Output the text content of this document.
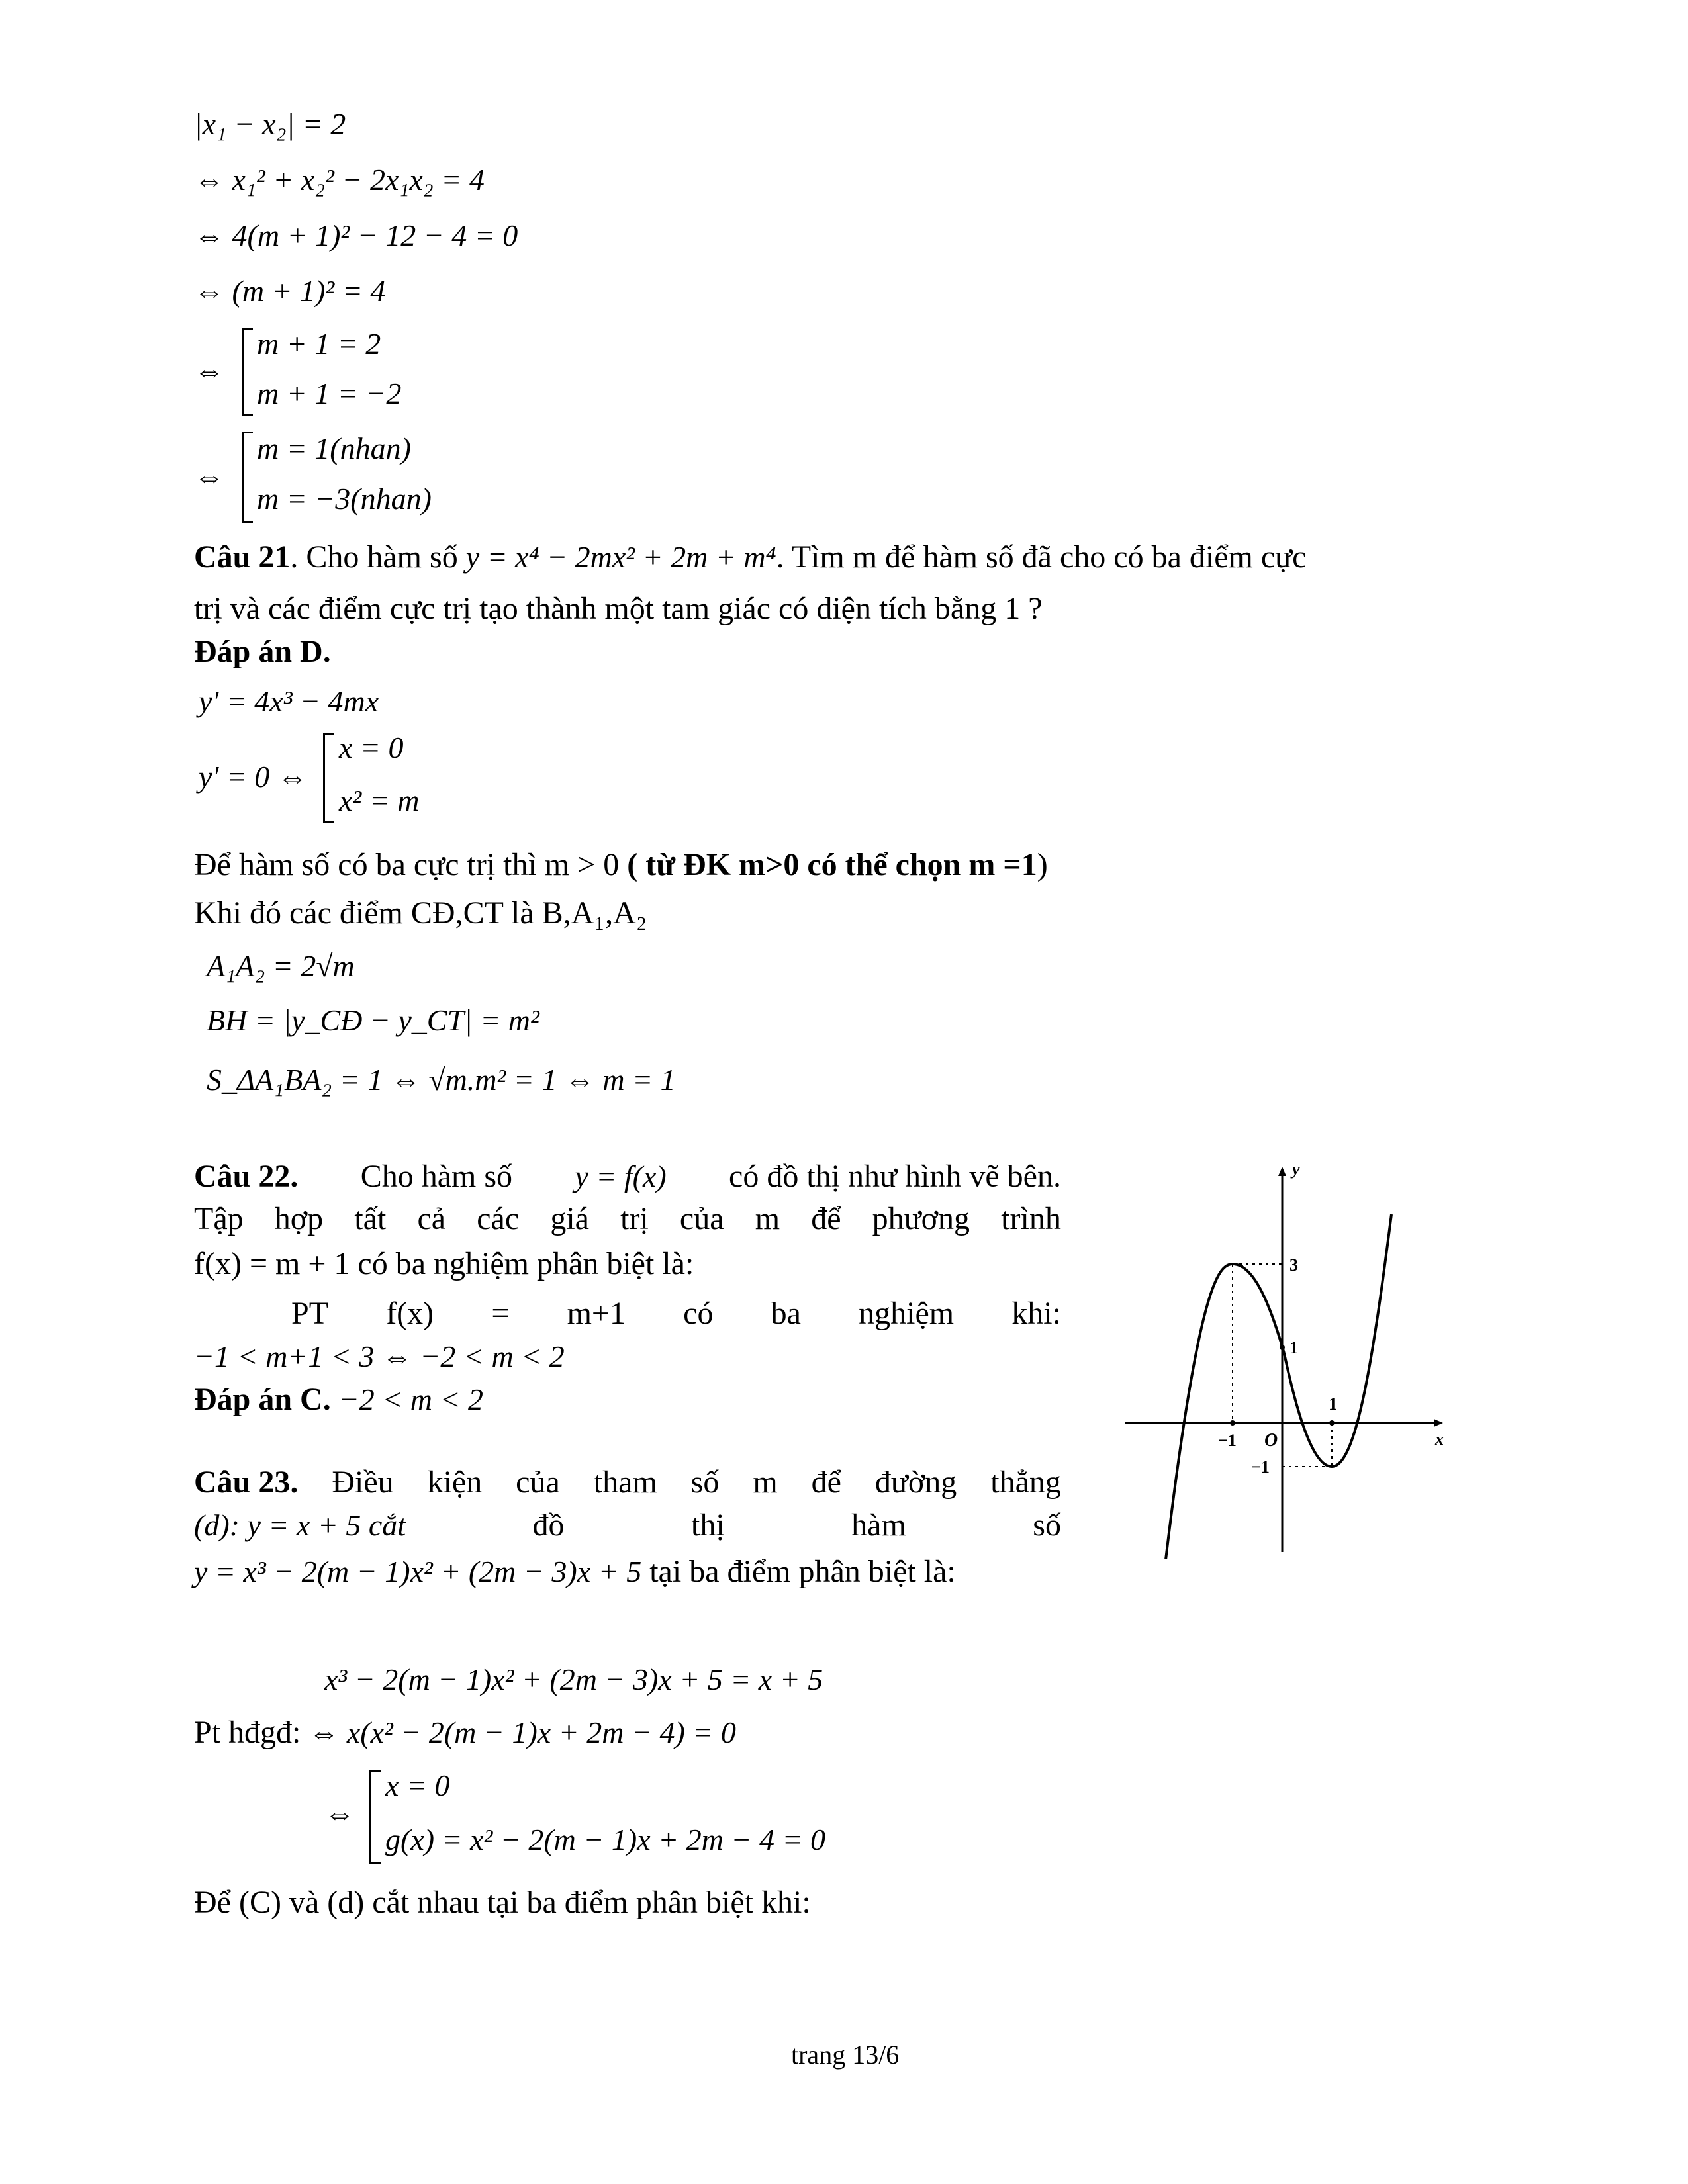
|x₁ − x₂| = 2
⇔ x₁² + x₂² − 2x₁x₂ = 4
⇔ 4(m + 1)² − 12 − 4 = 0
⇔ (m + 1)² = 4
⇔
m + 1 = 2
m + 1 = −2
⇔
m = 1(nhan)
m = −3(nhan)
Câu 21. Cho hàm số y = x⁴ − 2mx² + 2m + m⁴. Tìm m để hàm số đã cho có ba điểm cực
trị và các điểm cực trị tạo thành một tam giác có diện tích bằng 1 ?
Đáp án D.
y' = 4x³ − 4mx
y' = 0 ⇔
x = 0
x² = m
Để hàm số có ba cực trị thì m > 0 ( từ ĐK m>0 có thể chọn m =1)
Khi đó các điểm CĐ,CT là B,A₁,A₂
A₁A₂ = 2√m
BH = |y_CĐ − y_CT| = m²
S_ΔA₁BA₂ = 1 ⇔ √m.m² = 1 ⇔ m = 1
Câu 22. Cho hàm số y = f(x) có đồ thị như hình vẽ bên.
Tập hợp tất cả các giá trị của m để phương trình
f(x) = m + 1 có ba nghiệm phân biệt là:
PT f(x) = m+1 có ba nghiệm khi:
−1 < m+1 < 3 ⇔ −2 < m < 2
Đáp án C. −2 < m < 2
y
x
O
−1
1
3
1
−1
Câu 23. Điều kiện của tham số m để đường thẳng
(d): y = x + 5 cắt	đồ	thị	hàm	số
y = x³ − 2(m − 1)x² + (2m − 3)x + 5 tại ba điểm phân biệt là:
x³ − 2(m − 1)x² + (2m − 3)x + 5 = x + 5
Pt hđgđ: ⇔ x(x² − 2(m − 1)x + 2m − 4) = 0
⇔
x = 0
g(x) = x² − 2(m − 1)x + 2m − 4 = 0
Để (C) và (d) cắt nhau tại ba điểm phân biệt khi:
trang 13/6
